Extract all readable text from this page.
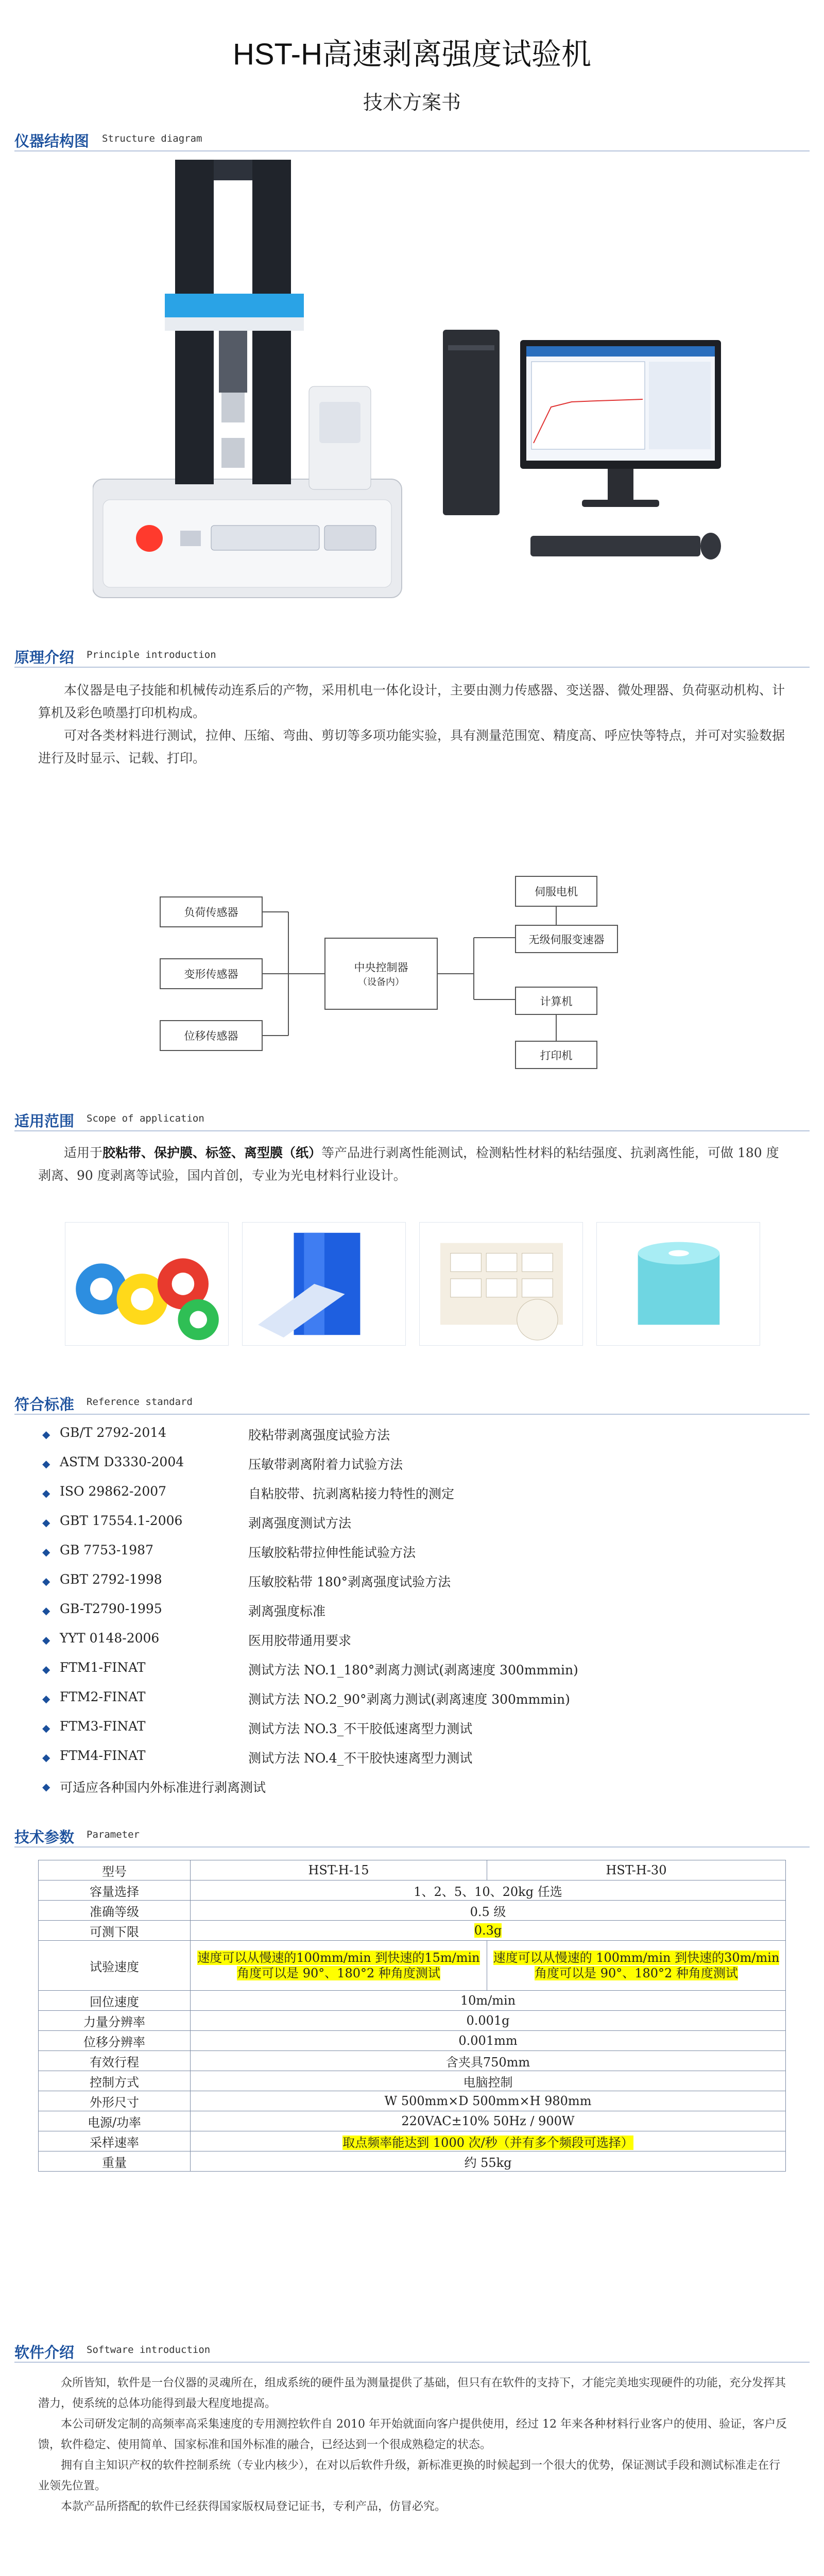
HST-H高速剥离强度试验机
技术方案书
仪器结构图 Structure diagram
原理介绍 Principle introduction

本仪器是电子技能和机械传动连系后的产物，采用机电一体化设计，主要由测力传感器、变送器、微处理器、负荷驱动机构、计算机及彩色喷墨打印机构成。

可对各类材料进行测试，拉伸、压缩、弯曲、剪切等多项功能实验，具有测量范围宽、精度高、呼应快等特点，并可对实验数据进行及时显示、记载、打印。

负荷传感器
变形传感器
位移传感器
中央控制器
（设备内）
伺服电机
无级伺服变速器
计算机
打印机
适用范围 Scope of application

适用于胶粘带、保护膜、标签、离型膜（纸）等产品进行剥离性能测试，检测粘性材料的粘结强度、抗剥离性能，可做 180 度剥离、90 度剥离等试验，国内首创，专业为光电材料行业设计。

符合标准 Reference standard
◆ GB/T 2792-2014	胶粘带剥离强度试验方法
◆ ASTM D3330-2004	压敏带剥离附着力试验方法
◆ ISO 29862-2007	自粘胶带、抗剥离粘接力特性的测定
◆ GBT 17554.1-2006	剥离强度测试方法
◆ GB 7753-1987	压敏胶粘带拉伸性能试验方法
◆ GBT 2792-1998	压敏胶粘带 180°剥离强度试验方法
◆ GB-T2790-1995	剥离强度标准
◆ YYT 0148-2006	医用胶带通用要求
◆ FTM1-FINAT	测试方法 NO.1_180°剥离力测试(剥离速度 300mmmin)
◆ FTM2-FINAT	测试方法 NO.2_90°剥离力测试(剥离速度 300mmmin)
◆ FTM3-FINAT	测试方法 NO.3_不干胶低速离型力测试
◆ FTM4-FINAT	测试方法 NO.4_不干胶快速离型力测试
◆ 可适应各种国内外标准进行剥离测试
技术参数 Parameter
型号	HST-H-15	HST-H-30
容量选择	1、2、5、10、20kg 任选	
准确等级	0.5 级	
可测下限	0.3g	
试验速度	速度可以从慢速的100mm/min 到快速的15m/min角度可以是 90°、180°2 种角度测试	速度可以从慢速的 100mm/min 到快速的30m/min角度可以是 90°、180°2 种角度测试
回位速度	10m/min	
力量分辨率	0.001g	
位移分辨率	0.001mm	
有效行程	含夹具750mm	
控制方式	电脑控制	
外形尺寸	W 500mm×D 500mm×H 980mm	
电源/功率	220VAC±10% 50Hz / 900W	
采样速率	取点频率能达到 1000 次/秒（并有多个频段可选择）	
重量	约 55kg	
软件介绍 Software introduction

众所皆知，软件是一台仪器的灵魂所在，组成系统的硬件虽为测量提供了基础，但只有在软件的支持下，才能完美地实现硬件的功能，充分发挥其潜力，使系统的总体功能得到最大程度地提高。

本公司研发定制的高频率高采集速度的专用测控软件自 2010 年开始就面向客户提供使用，经过 12 年来各种材料行业客户的使用、验证，客户反馈，软件稳定、使用简单、国家标准和国外标准的融合，已经达到一个很成熟稳定的状态。

拥有自主知识产权的软件控制系统（专业内核少），在对以后软件升级，新标准更换的时候起到一个很大的优势，保证测试手段和测试标准走在行业领先位置。

本款产品所搭配的软件已经获得国家版权局登记证书，专利产品，仿冒必究。
